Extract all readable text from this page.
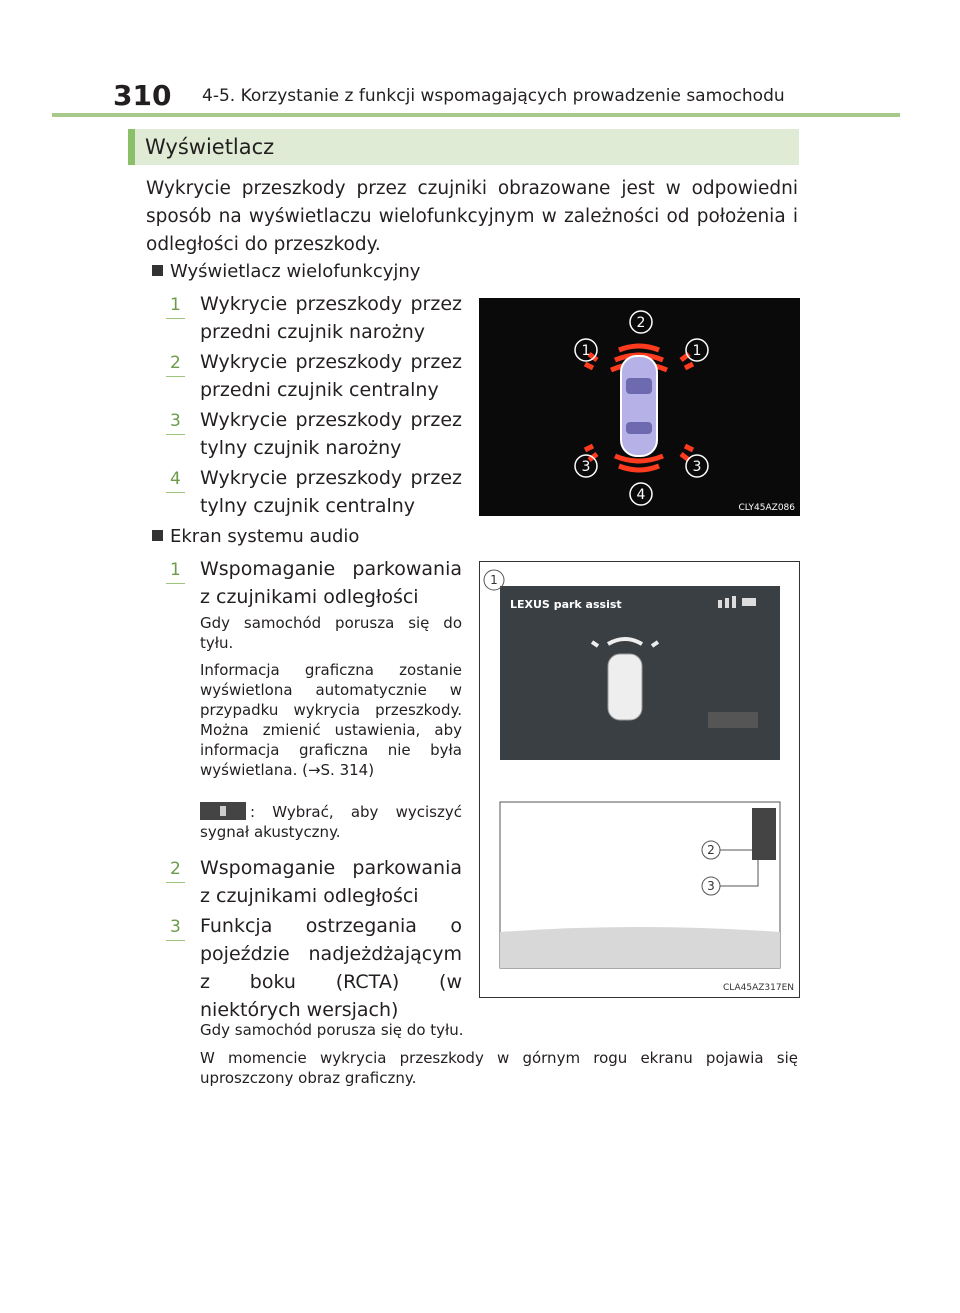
310 4-5. Korzystanie z funkcji wspomagających prowadzenie samochodu
Wyświetlacz
Wykrycie przeszkody przez czujniki obrazowane jest w odpowiedni sposób na wyświetlaczu wielofunkcyjnym w zależności od położenia i odległości do przeszkody.
Wyświetlacz wielofunkcyjny
1 Wykrycie przeszkody przez przedni czujnik narożny
2 Wykrycie przeszkody przez przedni czujnik centralny
3 Wykrycie przeszkody przez tylny czujnik narożny
4 Wykrycie przeszkody przez tylny czujnik centralny
2
1	1
3	3
4
CLY45AZ086
Ekran systemu audio
1 Wspomaganie parkowania z czujnikami odległości
Gdy samochód porusza się do tyłu.
Informacja graficzna zostanie wyświetlona automatycznie w przypadku wykrycia przeszkody. Można zmienić ustawienia, aby informacja graficzna nie była wyświetlana. (→S. 314)
: Wybrać, aby wyciszyć sygnał akustyczny.
2 Wspomaganie parkowania z czujnikami odległości
3 Funkcja ostrzegania o pojeździe nadjeżdżającym z boku (RCTA) (w niektórych wersjach)
Gdy samochód porusza się do tyłu.
W momencie wykrycia przeszkody w górnym rogu ekranu pojawia się uproszczony obraz graficzny.
LEXUS park assist
1
2
3
CLA45AZ317EN
